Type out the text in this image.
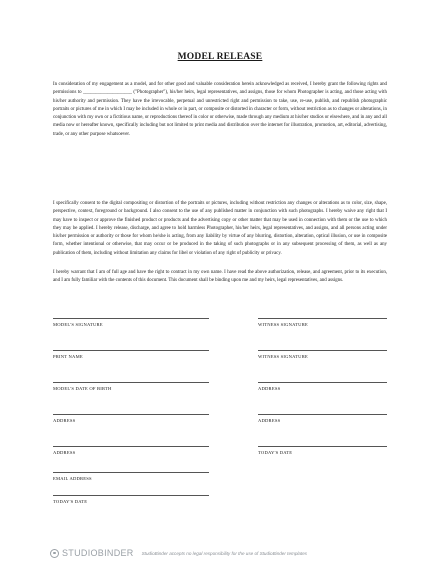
MODEL RELEASE

In consideration of my engagement as a model, and for other good and valuable consideration herein acknowledged as received, I hereby grant the following rights and permissions to ____________________ ("Photographer"), his/her heirs, legal representatives, and assigns, those for whom Photographer is acting, and those acting with his/her authority and permission. They have the irrevocable, perpetual and unrestricted right and permission to take, use, re-use, publish, and republish photographic portraits or pictures of me in which I may be included in whole or in part, or composite or distorted in character or form, without restriction as to changes or alterations, in conjunction with my own or a fictitious name, or reproductions thereof in color or otherwise, made through any medium at his/her studios or elsewhere, and in any and all media now or hereafter known, specifically including but not limited to print media and distribution over the internet for illustration, promotion, art, editorial, advertising, trade, or any other purpose whatsoever.

I specifically consent to the digital compositing or distortion of the portraits or pictures, including without restriction any changes or alterations as to color, size, shape, perspective, context, foreground or background. I also consent to the use of any published matter in conjunction with such photographs. I hereby waive any right that I may have to inspect or approve the finished product or products and the advertising copy or other matter that may be used in connection with them or the use to which they may be applied. I hereby release, discharge, and agree to hold harmless Photographer, his/her heirs, legal representatives, and assigns, and all persons acting under his/her permission or authority or those for whom he/she is acting, from any liability by virtue of any blurring, distortion, alteration, optical illusion, or use in composite form, whether intentional or otherwise, that may occur or be produced in the taking of such photographs or in any subsequent processing of them, as well as any publication of them, including without limitation any claims for libel or violation of any right of publicity or privacy.

I hereby warrant that I am of full age and have the right to contract in my own name. I have read the above authorization, release, and agreement, prior to its execution, and I am fully familiar with the contents of this document. This document shall be binding upon me and my heirs, legal representatives, and assigns.

MODEL'S SIGNATURE	WITNESS SIGNATURE
PRINT NAME	WITNESS SIGNATURE
MODEL'S DATE OF BIRTH	ADDRESS
ADDRESS	ADDRESS
ADDRESS	TODAY'S DATE
EMAIL ADDRESS
TODAY'S DATE
STUDIOBINDER StudioBinder accepts no legal responsibility for the use of StudioBinder templates
